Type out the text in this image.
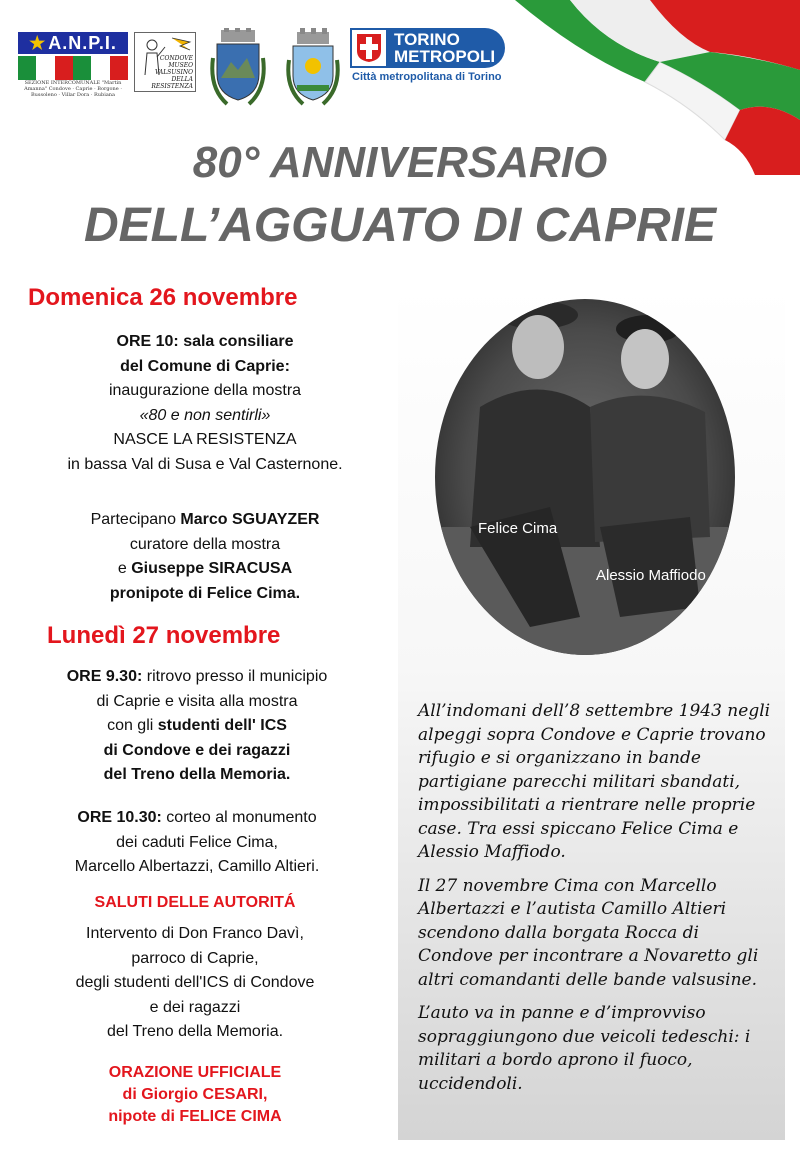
★ A.N.P.I.
SEZIONE INTERCOMUNALE "Martin Amanna" Condove · Caprie · Borgone · Bussoleno · Villar Dora · Rubiana
CONDOVE
MUSEO
VALSUSINO
DELLA RESISTENZA
TORINO
METROPOLI
Città metropolitana di Torino
80° ANNIVERSARIO
DELL’AGGUATO DI CAPRIE
Felice Cima
Alessio Maffiodo

All’indomani dell’8 settembre 1943 negli alpeggi sopra Condove e Caprie trovano rifugio e si organizzano in bande partigiane parecchi militari sbandati, impossibilitati a rientrare nelle proprie case. Tra essi spiccano Felice Cima e Alessio Maffiodo.

Il 27 novembre Cima con Marcello Albertazzi e l’autista Camillo Altieri scendono dalla borgata Rocca di Condove per incontrare a Novaretto gli altri comandanti delle bande valsusine.

L’auto va in panne e d’improvviso sopraggiungono due veicoli tedeschi: i militari a bordo aprono il fuoco, uccidendoli.

Domenica 26 novembre
ORE 10: sala consiliare
del Comune di Caprie:
inaugurazione della mostra
«80 e non sentirli»
NASCE LA RESISTENZA
in bassa Val di Susa e Val Casternone.
Partecipano Marco SGUAYZER
curatore della mostra
e Giuseppe SIRACUSA
pronipote di Felice Cima.
Lunedì 27 novembre
ORE 9.30: ritrovo presso il municipio
di Caprie e visita alla mostra
con gli studenti dell' ICS
di Condove e dei ragazzi
del Treno della Memoria.
ORE 10.30: corteo al monumento
dei caduti Felice Cima,
Marcello Albertazzi, Camillo Altieri.
SALUTI DELLE AUTORITÁ
Intervento di Don Franco Davì,
parroco di Caprie,
degli studenti dell'ICS di Condove
e dei ragazzi
del Treno della Memoria.
ORAZIONE UFFICIALE
di Giorgio CESARI,
nipote di FELICE CIMA
